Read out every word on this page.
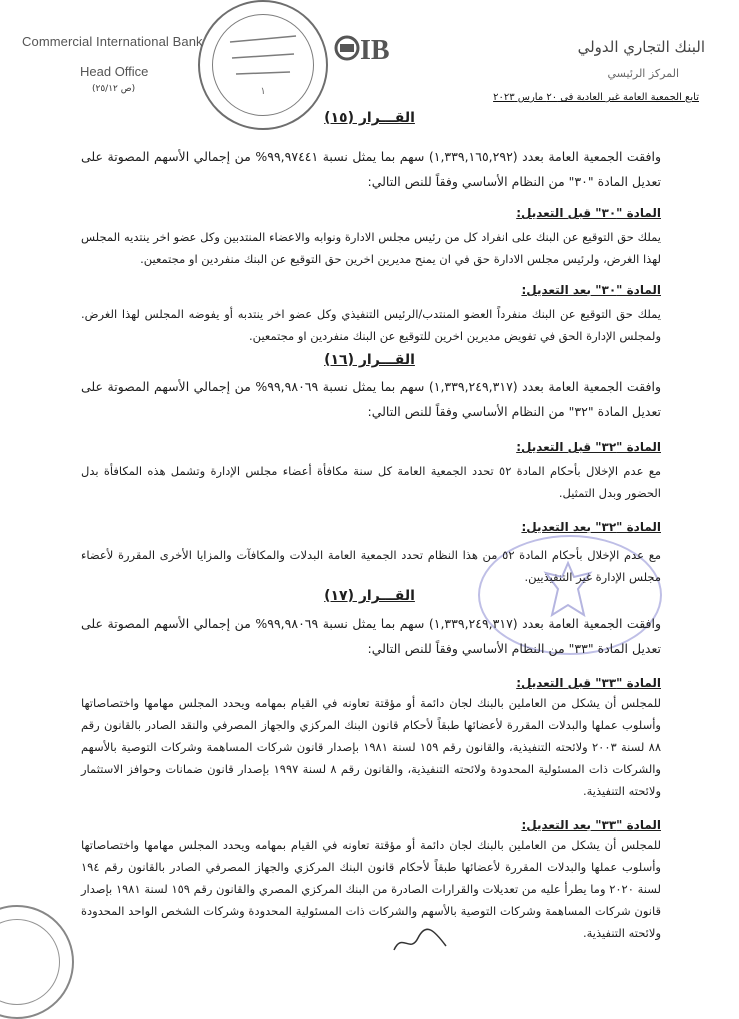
Commercial International Bank
Head Office
(ص ٢٥/١٢)
IB	البنك التجاري الدولي
المركز الرئيسي
تابع الجمعية العامة غير العادية فى ٢٠ مارس ٢٠٢٣
١
القـــرار (١٥)
وافقت الجمعية العامة بعدد (١,٣٣٩,١٦٥,٢٩٢) سهم بما يمثل نسبة ٩٩,٩٧٤٤١% من إجمالي الأسهم المصوتة على تعديل المادة "٣٠" من النظام الأساسي وفقاً للنص التالي:
المادة "٣٠" قبل التعديل:
يملك حق التوقيع عن البنك على انفراد كل من رئيس مجلس الادارة ونوابه والاعضاء المنتدبين وكل عضو اخر ينتديه المجلس لهذا الغرض، ولرئيس مجلس الادارة حق في ان يمنح مديرين اخرين حق التوقيع عن البنك منفردين او مجتمعين.
المادة "٣٠" بعد التعديل:
يملك حق التوقيع عن البنك منفرداً العضو المنتدب/الرئيس التنفيذي وكل عضو اخر ينتدبه أو يفوضه المجلس لهذا الغرض. ولمجلس الإدارة الحق في تفويض مديرين اخرين للتوقيع عن البنك منفردين او مجتمعين.
القـــرار (١٦)
وافقت الجمعية العامة بعدد (١,٣٣٩,٢٤٩,٣١٧) سهم بما يمثل نسبة ٩٩,٩٨٠٦٩% من إجمالي الأسهم المصوتة على تعديل المادة "٣٢" من النظام الأساسي وفقاً للنص التالي:
المادة "٣٢" قبل التعديل:
مع عدم الإخلال بأحكام المادة ٥٢ تحدد الجمعية العامة كل سنة مكافأة أعضاء مجلس الإدارة وتشمل هذه المكافأة بدل الحضور وبدل التمثيل.
المادة "٣٢" بعد التعديل:
مع عدم الإخلال بأحكام المادة ٥٢ من هذا النظام تحدد الجمعية العامة البدلات والمكافآت والمزايا الأخرى المقررة لأعضاء مجلس الإدارة غير التنفيذيين.
القـــرار (١٧)
وافقت الجمعية العامة بعدد (١,٣٣٩,٢٤٩,٣١٧) سهم بما يمثل نسبة ٩٩,٩٨٠٦٩% من إجمالي الأسهم المصوتة على تعديل المادة "٣٣" من النظام الأساسي وفقاً للنص التالي:
المادة "٣٣" قبل التعديل:
للمجلس أن يشكل من العاملين بالبنك لجان دائمة أو مؤقتة تعاونه في القيام بمهامه ويحدد المجلس مهامها واختصاصاتها وأسلوب عملها والبدلات المقررة لأعضائها طبقاً لأحكام قانون البنك المركزي والجهاز المصرفي والنقد الصادر بالقانون رقم ٨٨ لسنة ٢٠٠٣ ولائحته التنفيذية، والقانون رقم ١٥٩ لسنة ١٩٨١ بإصدار قانون شركات المساهمة وشركات التوصية بالأسهم والشركات ذات المسئولية المحدودة ولائحته التنفيذية، والقانون رقم ٨ لسنة ١٩٩٧ بإصدار قانون ضمانات وحوافز الاستثمار ولائحته التنفيذية.
المادة "٣٣" بعد التعديل:
للمجلس أن يشكل من العاملين بالبنك لجان دائمة أو مؤقتة تعاونه في القيام بمهامه ويحدد المجلس مهامها واختصاصاتها وأسلوب عملها والبدلات المقررة لأعضائها طبقاً لأحكام قانون البنك المركزي والجهاز المصرفي الصادر بالقانون رقم ١٩٤ لسنة ٢٠٢٠ وما يطرأ عليه من تعديلات والقرارات الصادرة من البنك المركزي المصري والقانون رقم ١٥٩ لسنة ١٩٨١ بإصدار قانون شركات المساهمة وشركات التوصية بالأسهم والشركات ذات المسئولية المحدودة وشركات الشخص الواحد المحدودة ولائحته التنفيذية.
